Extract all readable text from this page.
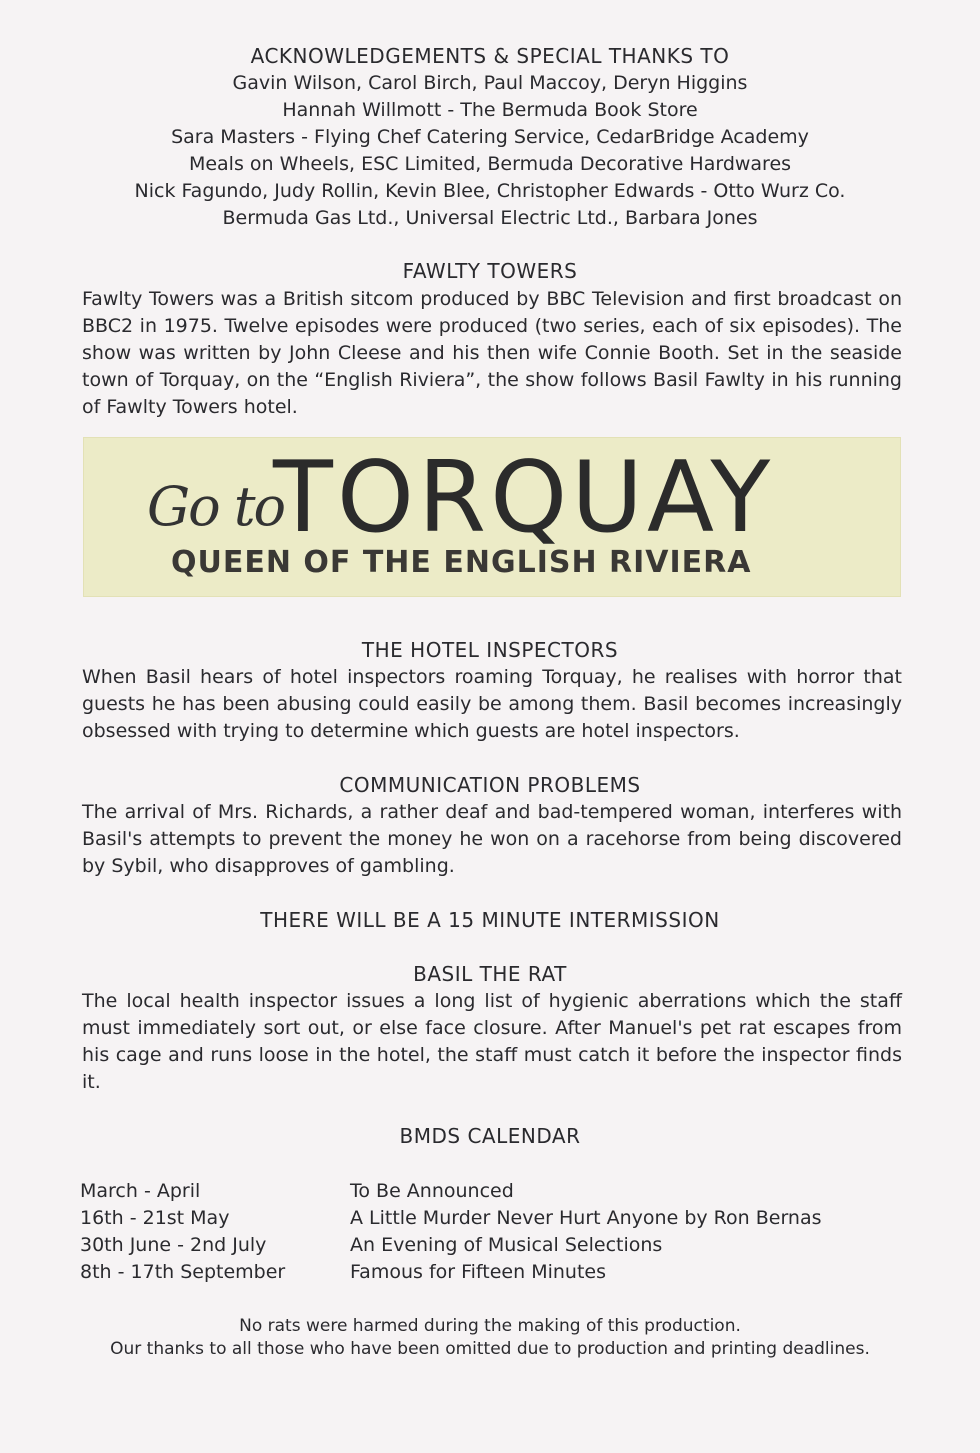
ACKNOWLEDGEMENTS & SPECIAL THANKS TO
Gavin Wilson, Carol Birch, Paul Maccoy, Deryn Higgins
Hannah Willmott - The Bermuda Book Store
Sara Masters - Flying Chef Catering Service, CedarBridge Academy
Meals on Wheels, ESC Limited, Bermuda Decorative Hardwares
Nick Fagundo, Judy Rollin, Kevin Blee, Christopher Edwards - Otto Wurz Co.
Bermuda Gas Ltd., Universal Electric Ltd., Barbara Jones
FAWLTY TOWERS
Fawlty Towers was a British sitcom produced by BBC Television and first broadcast on BBC2 in 1975. Twelve episodes were produced (two series, each of six episodes). The show was written by John Cleese and his then wife Connie Booth. Set in the seaside town of Torquay, on the “English Riviera”, the show follows Basil Fawlty in his running of Fawlty Towers hotel.
Go to
TORQUAY
QUEEN OF THE ENGLISH RIVIERA
THE HOTEL INSPECTORS
When Basil hears of hotel inspectors roaming Torquay, he realises with horror that guests he has been abusing could easily be among them. Basil becomes increasingly obsessed with trying to determine which guests are hotel inspectors.
COMMUNICATION PROBLEMS
The arrival of Mrs. Richards, a rather deaf and bad-tempered woman, interferes with Basil's attempts to prevent the money he won on a racehorse from being discovered by Sybil, who disapproves of gambling.
THERE WILL BE A 15 MINUTE INTERMISSION
BASIL THE RAT
The local health inspector issues a long list of hygienic aberrations which the staff must immediately sort out, or else face closure. After Manuel's pet rat escapes from his cage and runs loose in the hotel, the staff must catch it before the inspector finds it.
BMDS CALENDAR
March - April	To Be Announced
16th - 21st May	A Little Murder Never Hurt Anyone by Ron Bernas
30th June - 2nd July	An Evening of Musical Selections
8th - 17th September	Famous for Fifteen Minutes
No rats were harmed during the making of this production.
Our thanks to all those who have been omitted due to production and printing deadlines.
